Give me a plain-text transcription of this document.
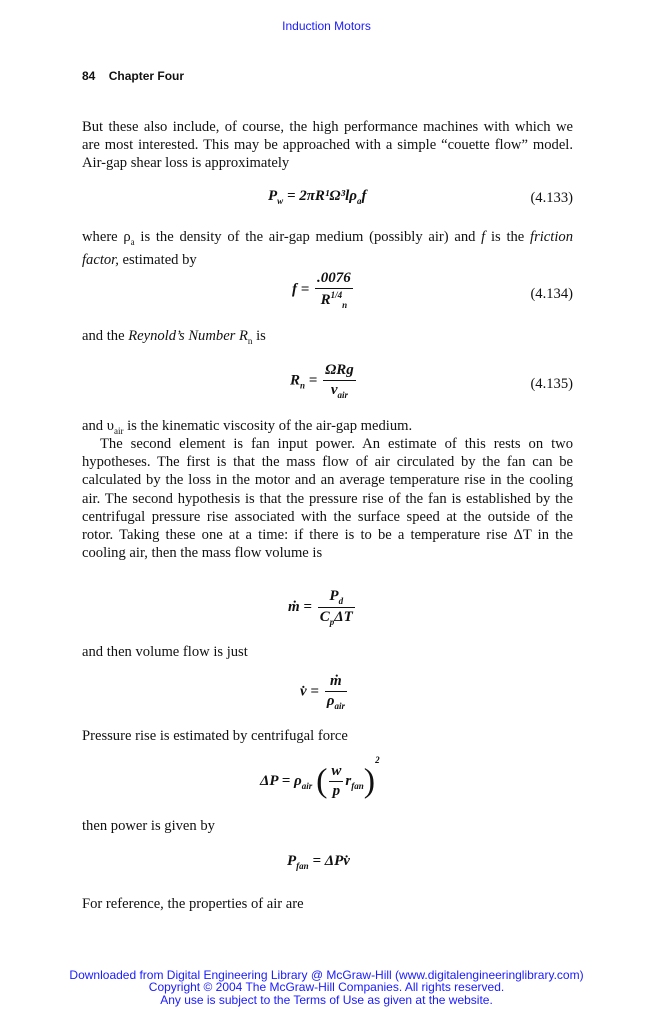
Induction Motors
84 Chapter Four
But these also include, of course, the high performance machines with which we are most interested. This may be approached with a simple “couette flow” model. Air-gap shear loss is approximately
$P_w = 2\pi R^1\Omega^3l\rho_af$	(4.133)
where $\rho_a$ is the density of the air-gap medium (possibly air) and f is the friction factor, estimated by
$f = \frac{.0076}{R^{1/4}_n}$	(4.134)
and the Reynold’s Number $R_n$ is
$R_n = \frac{\text{ΩRg}}{\nu_{air}}$	(4.135)
and $\upsilon_{air}$ is the kinematic viscosity of the air-gap medium.
The second element is fan input power. An estimate of this rests on two hypotheses. The first is that the mass flow of air circulated by the fan can be calculated by the loss in the motor and an average temperature rise in the cooling air. The second hypothesis is that the pressure rise of the fan is established by the centrifugal pressure rise associated with the surface speed at the outside of the rotor. Taking these one at a time: if there is to be a temperature rise ΔT in the cooling air, then the mass flow volume is
ṁ = $\frac{P_d}{C_p\Delta T}$
and then volume flow is just
v̇ = $\frac{\text{ṁ}}{\rho_{air}}$
Pressure rise is estimated by centrifugal force
$\Delta P = \rho_{air}$ ( $\frac{w}{p} r_{fan})^2$
then power is given by
$P_{fan}$ = ΔPv̇
For reference, the properties of air are
Downloaded from Digital Engineering Library @ McGraw-Hill (www.digitalengineeringlibrary.com)
Copyright © 2004 The McGraw-Hill Companies. All rights reserved.
Any use is subject to the Terms of Use as given at the website.
